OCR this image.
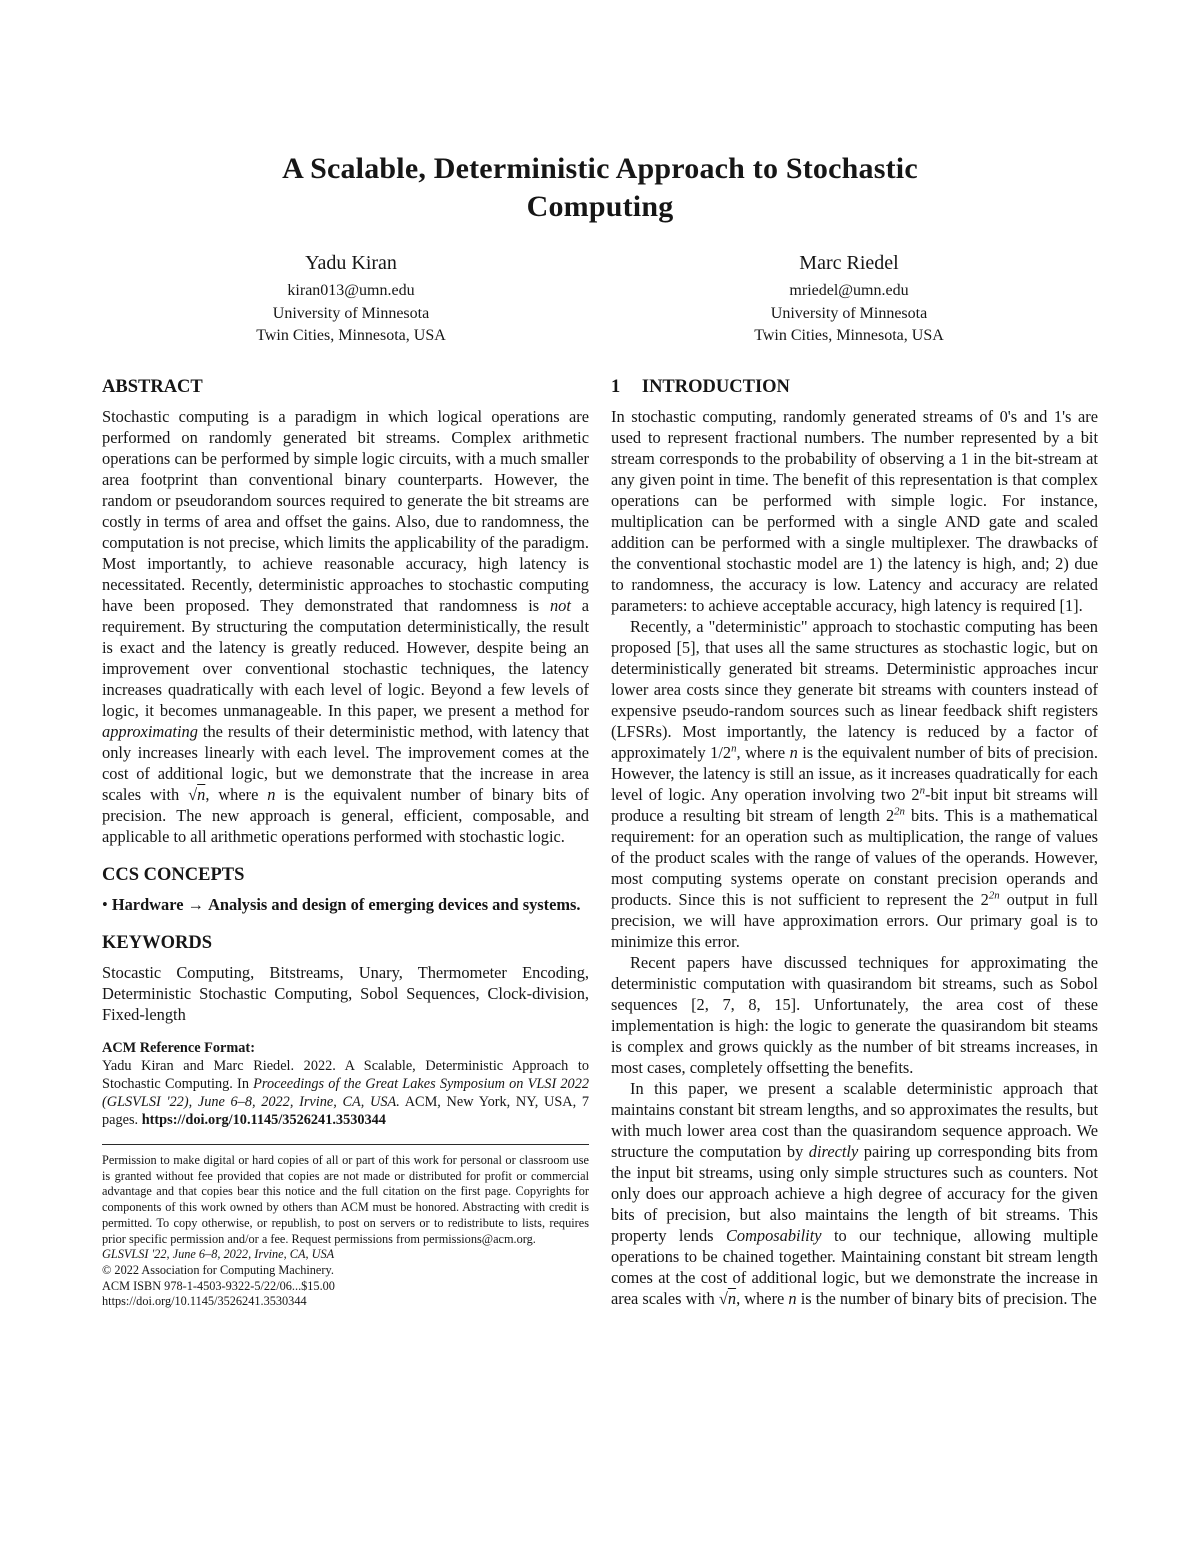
A Scalable, Deterministic Approach to Stochastic Computing
Yadu Kiran
kiran013@umn.edu
University of Minnesota
Twin Cities, Minnesota, USA
Marc Riedel
mriedel@umn.edu
University of Minnesota
Twin Cities, Minnesota, USA
ABSTRACT

Stochastic computing is a paradigm in which logical operations are performed on randomly generated bit streams. Complex arithmetic operations can be performed by simple logic circuits, with a much smaller area footprint than conventional binary counterparts. However, the random or pseudorandom sources required to generate the bit streams are costly in terms of area and offset the gains. Also, due to randomness, the computation is not precise, which limits the applicability of the paradigm. Most importantly, to achieve reasonable accuracy, high latency is necessitated. Recently, deterministic approaches to stochastic computing have been proposed. They demonstrated that randomness is not a requirement. By structuring the computation deterministically, the result is exact and the latency is greatly reduced. However, despite being an improvement over conventional stochastic techniques, the latency increases quadratically with each level of logic. Beyond a few levels of logic, it becomes unmanageable. In this paper, we present a method for approximating the results of their deterministic method, with latency that only increases linearly with each level. The improvement comes at the cost of additional logic, but we demonstrate that the increase in area scales with √n, where n is the equivalent number of binary bits of precision. The new approach is general, efficient, composable, and applicable to all arithmetic operations performed with stochastic logic.

CCS CONCEPTS

• Hardware → Analysis and design of emerging devices and systems.

KEYWORDS

Stocastic Computing, Bitstreams, Unary, Thermometer Encoding, Deterministic Stochastic Computing, Sobol Sequences, Clock-division, Fixed-length

ACM Reference Format:
Yadu Kiran and Marc Riedel. 2022. A Scalable, Deterministic Approach to Stochastic Computing. In Proceedings of the Great Lakes Symposium on VLSI 2022 (GLSVLSI '22), June 6–8, 2022, Irvine, CA, USA. ACM, New York, NY, USA, 7 pages. https://doi.org/10.1145/3526241.3530344
Permission to make digital or hard copies of all or part of this work for personal or classroom use is granted without fee provided that copies are not made or distributed for profit or commercial advantage and that copies bear this notice and the full citation on the first page. Copyrights for components of this work owned by others than ACM must be honored. Abstracting with credit is permitted. To copy otherwise, or republish, to post on servers or to redistribute to lists, requires prior specific permission and/or a fee. Request permissions from permissions@acm.org.
GLSVLSI '22, June 6–8, 2022, Irvine, CA, USA
© 2022 Association for Computing Machinery.
ACM ISBN 978-1-4503-9322-5/22/06...$15.00
https://doi.org/10.1145/3526241.3530344
1 INTRODUCTION

In stochastic computing, randomly generated streams of 0's and 1's are used to represent fractional numbers. The number represented by a bit stream corresponds to the probability of observing a 1 in the bit-stream at any given point in time. The benefit of this representation is that complex operations can be performed with simple logic. For instance, multiplication can be performed with a single AND gate and scaled addition can be performed with a single multiplexer. The drawbacks of the conventional stochastic model are 1) the latency is high, and; 2) due to randomness, the accuracy is low. Latency and accuracy are related parameters: to achieve acceptable accuracy, high latency is required [1].

Recently, a "deterministic" approach to stochastic computing has been proposed [5], that uses all the same structures as stochastic logic, but on deterministically generated bit streams. Deterministic approaches incur lower area costs since they generate bit streams with counters instead of expensive pseudo-random sources such as linear feedback shift registers (LFSRs). Most importantly, the latency is reduced by a factor of approximately 1/2$^n$, where n is the equivalent number of bits of precision. However, the latency is still an issue, as it increases quadratically for each level of logic. Any operation involving two 2$^n$-bit input bit streams will produce a resulting bit stream of length $2^{2n}$ bits. This is a mathematical requirement: for an operation such as multiplication, the range of values of the product scales with the range of values of the operands. However, most computing systems operate on constant precision operands and products. Since this is not sufficient to represent the $2^{2n}$ output in full precision, we will have approximation errors. Our primary goal is to minimize this error.

Recent papers have discussed techniques for approximating the deterministic computation with quasirandom bit streams, such as Sobol sequences [2, 7, 8, 15]. Unfortunately, the area cost of these implementation is high: the logic to generate the quasirandom bit steams is complex and grows quickly as the number of bit streams increases, in most cases, completely offsetting the benefits.

In this paper, we present a scalable deterministic approach that maintains constant bit stream lengths, and so approximates the results, but with much lower area cost than the quasirandom sequence approach. We structure the computation by directly pairing up corresponding bits from the input bit streams, using only simple structures such as counters. Not only does our approach achieve a high degree of accuracy for the given bits of precision, but also maintains the length of bit streams. This property lends Composability to our technique, allowing multiple operations to be chained together. Maintaining constant bit stream length comes at the cost of additional logic, but we demonstrate the increase in area scales with √n, where n is the number of binary bits of precision. The
